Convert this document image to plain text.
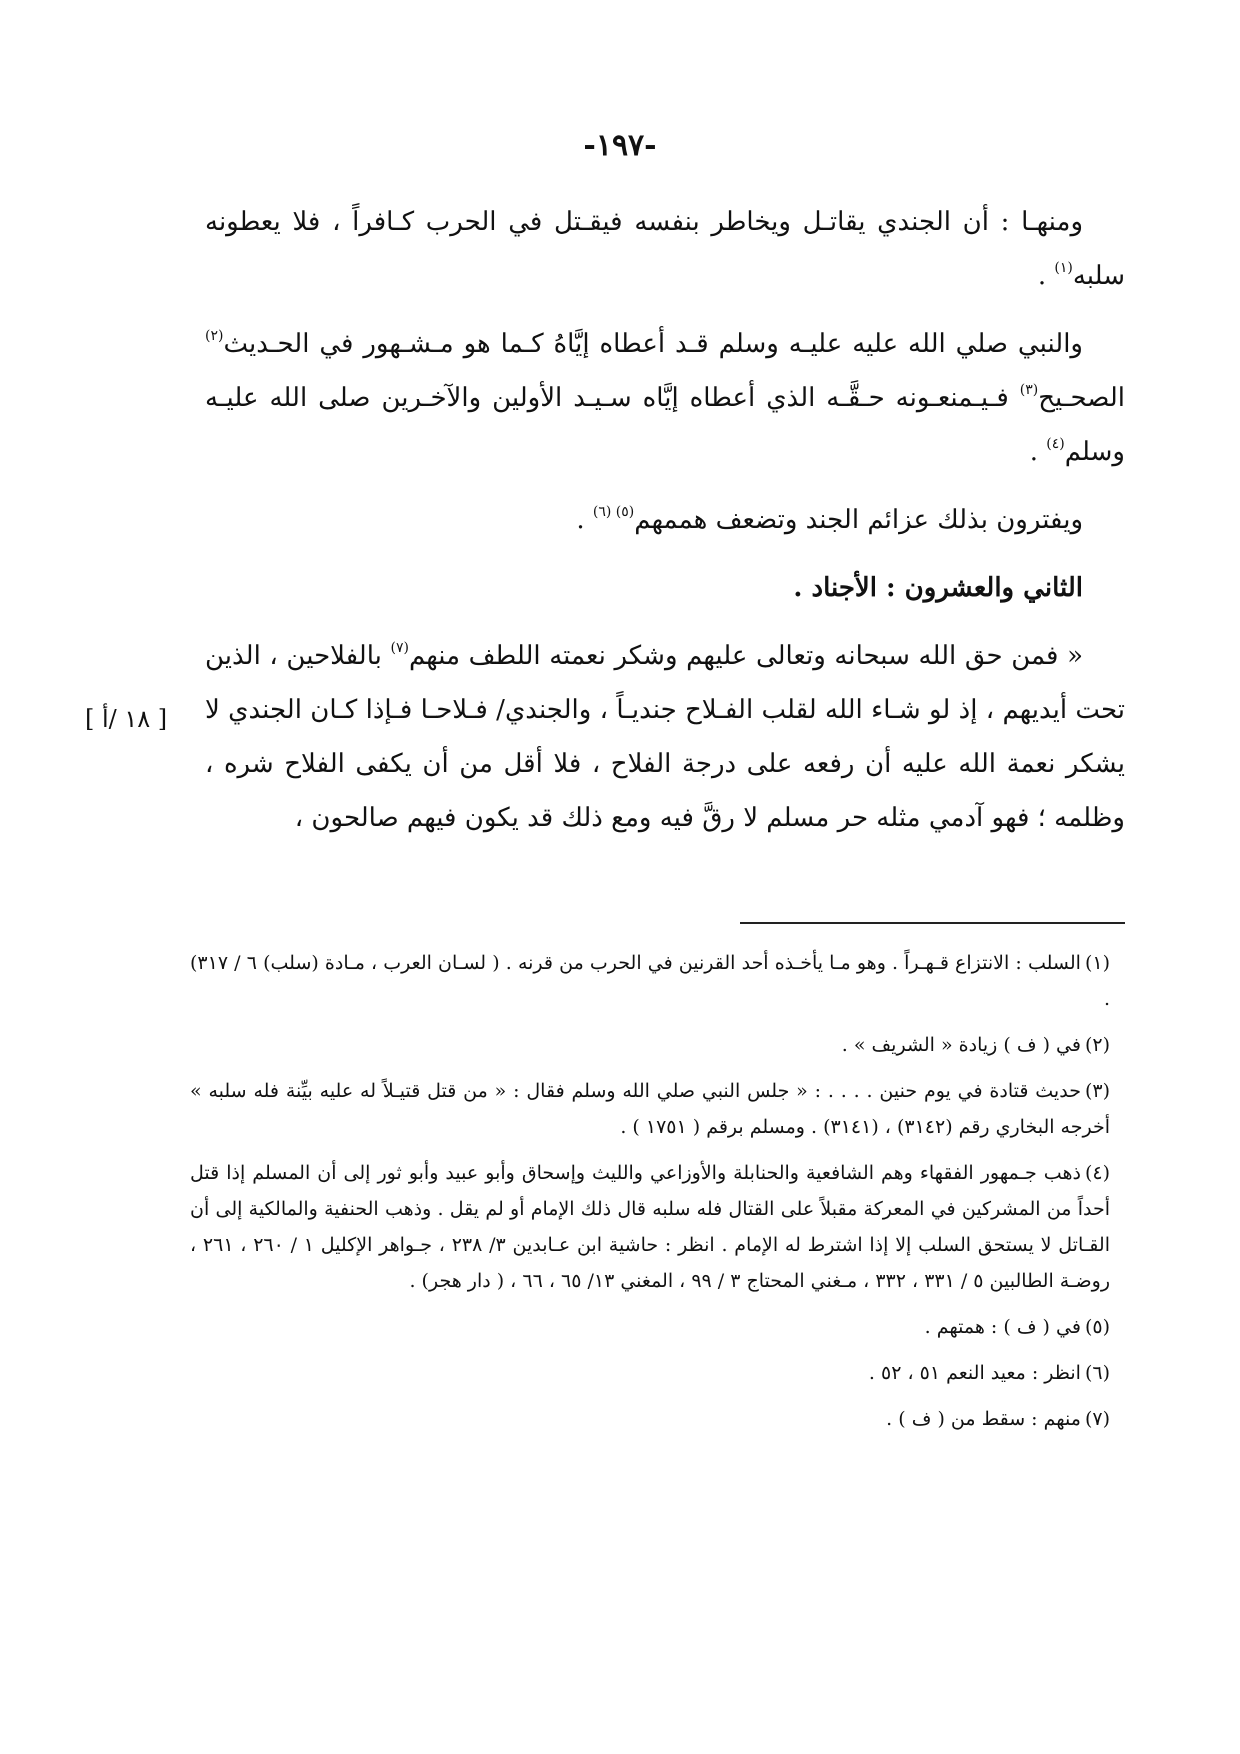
-١٩٧-

ومنهـا : أن الجندي يقاتـل ويخاطر بنفسه فيقـتل في الحرب كـافراً ، فلا يعطونه سلبه$^{(١)}$ .

والنبي صلي الله عليه عليـه وسلم قـد أعطاه إيَّاهُ كـما هو مـشـهور في الحـديث$^{(٢)}$ الصحـيح$^{(٣)}$ فـيـمنعـونه حـقَّـه الذي أعطاه إيَّاه سـيـد الأولين والآخـرين صلى الله عليـه وسلم$^{(٤)}$ .

ويفترون بذلك عزائم الجند وتضعف هممهم$^{(٥) (٦)}$ .

الثاني والعشرون : الأجناد .

« فمن حق الله سبحانه وتعالى عليهم وشكر نعمته اللطف منهم$^{(٧)}$ بالفلاحين ، الذين تحت أيديهم ، إذ لو شـاء الله لقلب الفـلاح جنديـاً ، والجندي/ فـلاحـا فـإذا كـان الجندي لا يشكر نعمة الله عليه أن رفعه على درجة الفلاح ، فلا أقل من أن يكفى الفلاح شره ، وظلمه ؛ فهو آدمي مثله حر مسلم لا رقَّ فيه ومع ذلك قد يكون فيهم صالحون ،

[ ١٨ /أ ]
(١)السلب : الانتزاع قـهـراً . وهو مـا يأخـذه أحد القرنين في الحرب من قرنه . ( لسـان العرب ، مـادة (سلب) ٦ / ٣١٧) .
(٢)في ( ف ) زيادة « الشريف » .
(٣)حديث قتادة في يوم حنين . . . . : « جلس النبي صلي الله وسلم فقال : « من قتل قتيـلاً له عليه بيِّنة فله سلبه » أخرجه البخاري رقم (٣١٤٢) ، (٣١٤١) . ومسلم برقم ( ١٧٥١ ) .
(٤)ذهب جـمهور الفقهاء وهم الشافعية والحنابلة والأوزاعي والليث وإسحاق وأبو عبيد وأبو ثور إلى أن المسلم إذا قتل أحداً من المشركين في المعركة مقبلاً على القتال فله سلبه قال ذلك الإمام أو لم يقل . وذهب الحنفية والمالكية إلى أن القـاتل لا يستحق السلب إلا إذا اشترط له الإمام . انظر : حاشية ابن عـابدين ٣/ ٢٣٨ ، جـواهر الإكليل ١ / ٢٦٠ ، ٢٦١ ، روضـة الطالبين ٥ / ٣٣١ ، ٣٣٢ ، مـغني المحتاج ٣ / ٩٩ ، المغني ١٣/ ٦٥ ، ٦٦ ، ( دار هجر) .
(٥)في ( ف ) : همتهم .
(٦)انظر : معيد النعم ٥١ ، ٥٢ .
(٧)منهم : سقط من ( ف ) .
